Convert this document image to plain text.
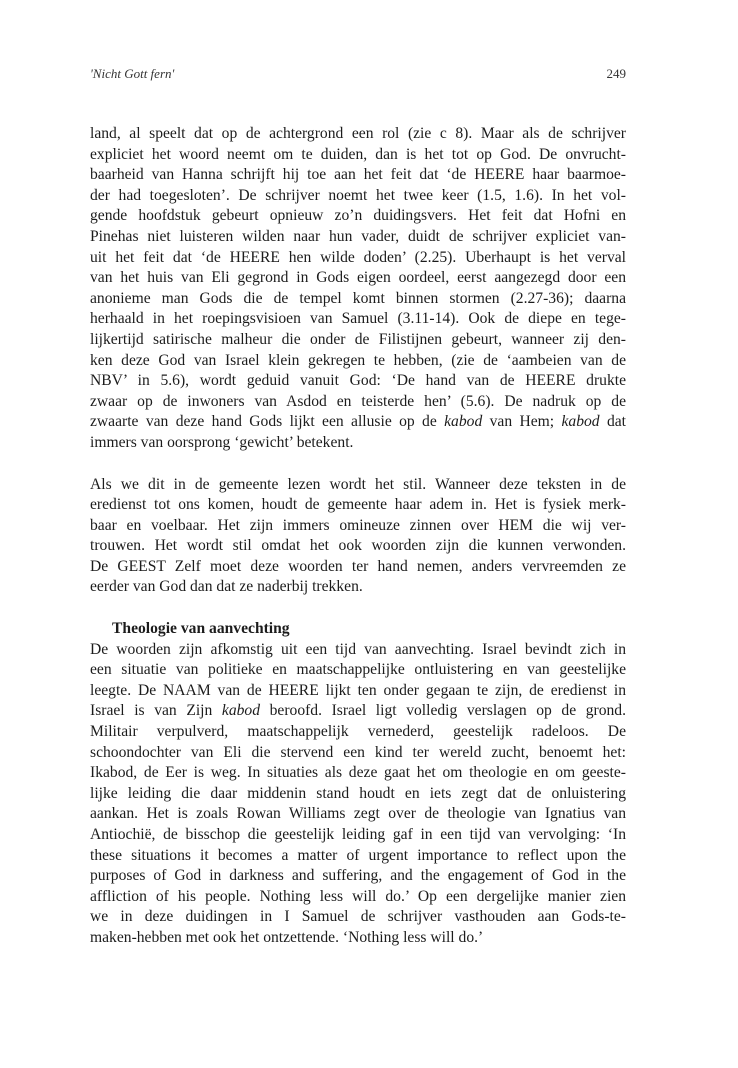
'Nicht Gott fern'	249
land, al speelt dat op de achtergrond een rol (zie c 8). Maar als de schrijver
expliciet het woord neemt om te duiden, dan is het tot op God. De onvrucht-
baarheid van Hanna schrijft hij toe aan het feit dat ‘de HEERE haar baarmoe-
der had toegesloten’. De schrijver noemt het twee keer (1.5, 1.6). In het vol-
gende hoofdstuk gebeurt opnieuw zo’n duidingsvers. Het feit dat Hofni en
Pinehas niet luisteren wilden naar hun vader, duidt de schrijver expliciet van-
uit het feit dat ‘de HEERE hen wilde doden’ (2.25). Uberhaupt is het verval
van het huis van Eli gegrond in Gods eigen oordeel, eerst aangezegd door een
anonieme man Gods die de tempel komt binnen stormen (2.27-36); daarna
herhaald in het roepingsvisioen van Samuel (3.11-14). Ook de diepe en tege-
lijkertijd satirische malheur die onder de Filistijnen gebeurt, wanneer zij den-
ken deze God van Israel klein gekregen te hebben, (zie de ‘aambeien van de
NBV’ in 5.6), wordt geduid vanuit God: ‘De hand van de HEERE drukte
zwaar op de inwoners van Asdod en teisterde hen’ (5.6). De nadruk op de
zwaarte van deze hand Gods lijkt een allusie op de kabod van Hem; kabod dat
immers van oorsprong ‘gewicht’ betekent.
Als we dit in de gemeente lezen wordt het stil. Wanneer deze teksten in de
eredienst tot ons komen, houdt de gemeente haar adem in. Het is fysiek merk-
baar en voelbaar. Het zijn immers omineuze zinnen over HEM die wij ver-
trouwen. Het wordt stil omdat het ook woorden zijn die kunnen verwonden.
De GEEST Zelf moet deze woorden ter hand nemen, anders vervreemden ze
eerder van God dan dat ze naderbij trekken.
Theologie van aanvechting
De woorden zijn afkomstig uit een tijd van aanvechting. Israel bevindt zich in
een situatie van politieke en maatschappelijke ontluistering en van geestelijke
leegte. De NAAM van de HEERE lijkt ten onder gegaan te zijn, de eredienst in
Israel is van Zijn kabod beroofd. Israel ligt volledig verslagen op de grond.
Militair verpulverd, maatschappelijk vernederd, geestelijk radeloos. De
schoondochter van Eli die stervend een kind ter wereld zucht, benoemt het:
Ikabod, de Eer is weg. In situaties als deze gaat het om theologie en om geeste-
lijke leiding die daar middenin stand houdt en iets zegt dat de onluistering
aankan. Het is zoals Rowan Williams zegt over de theologie van Ignatius van
Antiochië, de bisschop die geestelijk leiding gaf in een tijd van vervolging: ‘In
these situations it becomes a matter of urgent importance to reflect upon the
purposes of God in darkness and suffering, and the engagement of God in the
affliction of his people. Nothing less will do.’ Op een dergelijke manier zien
we in deze duidingen in I Samuel de schrijver vasthouden aan Gods-te-
maken-hebben met ook het ontzettende. ‘Nothing less will do.’
